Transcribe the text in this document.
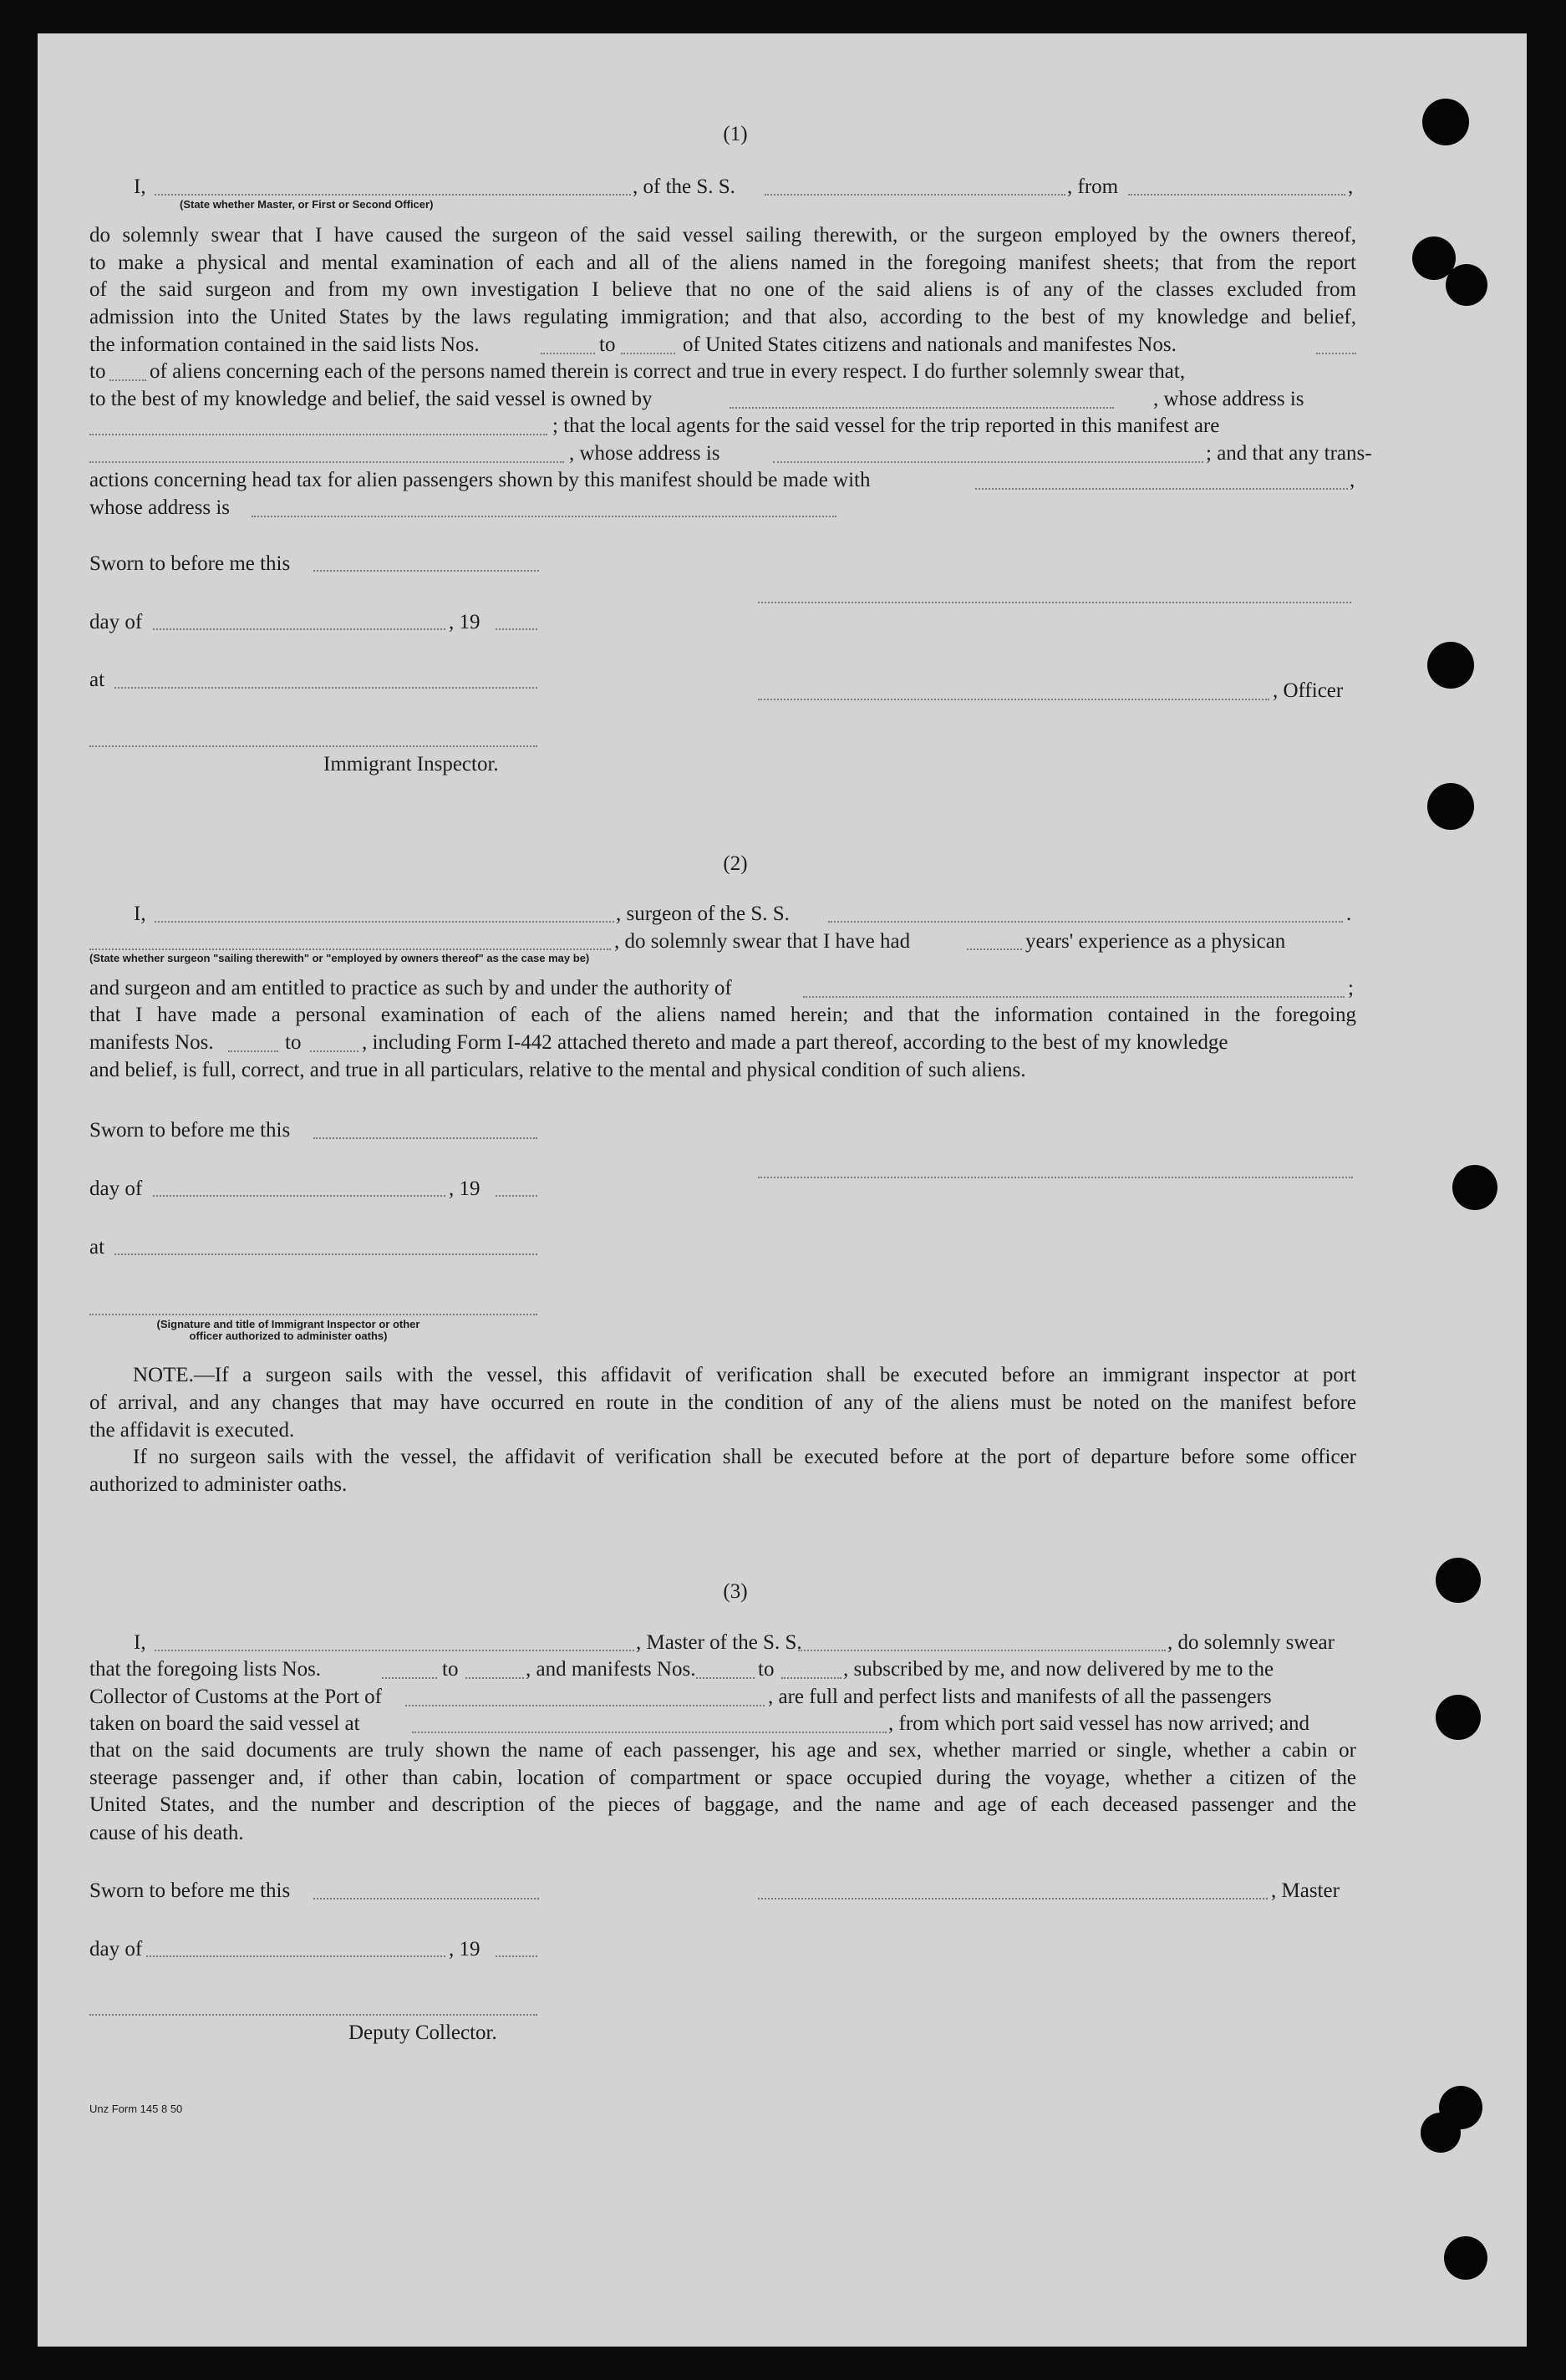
(1)
I,	, of the S. S.	, from	,
(State whether Master, or First or Second Officer)
do solemnly swear that I have caused the surgeon of the said vessel sailing therewith, or the surgeon employed by the owners thereof,
to make a physical and mental examination of each and all of the aliens named in the foregoing manifest sheets; that from the report
of the said surgeon and from my own investigation I believe that no one of the said aliens is of any of the classes excluded from
admission into the United States by the laws regulating immigration; and that also, according to the best of my knowledge and belief,
the information contained in the said lists Nos.	to	of United States citizens and nationals and manifestes Nos.
to of aliens concerning each of the persons named therein is correct and true in every respect. I do further solemnly swear that,
to the best of my knowledge and belief, the said vessel is owned by	, whose address is
; that the local agents for the said vessel for the trip reported in this manifest are
, whose address is	; and that any trans-
actions concerning head tax for alien passengers shown by this manifest should be made with	,
whose address is
Sworn to before me this
day of	, 19
at	, Officer
Immigrant Inspector.
(2)
I,	, surgeon of the S. S.	.
, do solemnly swear that I have had	years' experience as a physican
(State whether surgeon "sailing therewith" or "employed by owners thereof" as the case may be)
and surgeon and am entitled to practice as such by and under the authority of	;
that I have made a personal examination of each of the aliens named herein; and that the information contained in the foregoing
manifests Nos.	to	, including Form I-442 attached thereto and made a part thereof, according to the best of my knowledge
and belief, is full, correct, and true in all particulars, relative to the mental and physical condition of such aliens.
Sworn to before me this
day of	, 19
at
(Signature and title of Immigrant Inspector or other
officer authorized to administer oaths)
NOTE.—If a surgeon sails with the vessel, this affidavit of verification shall be executed before an immigrant inspector at port
of arrival, and any changes that may have occurred en route in the condition of any of the aliens must be noted on the manifest before
the affidavit is executed.
If no surgeon sails with the vessel, the affidavit of verification shall be executed before at the port of departure before some officer
authorized to administer oaths.
(3)
I,	, Master of the S. S.	, do solemnly swear
that the foregoing lists Nos.	to	, and manifests Nos.	to	, subscribed by me, and now delivered by me to the
Collector of Customs at the Port of	, are full and perfect lists and manifests of all the passengers
taken on board the said vessel at	, from which port said vessel has now arrived; and
that on the said documents are truly shown the name of each passenger, his age and sex, whether married or single, whether a cabin or
steerage passenger and, if other than cabin, location of compartment or space occupied during the voyage, whether a citizen of the
United States, and the number and description of the pieces of baggage, and the name and age of each deceased passenger and the
cause of his death.
Sworn to before me this	, Master
day of	, 19
Deputy Collector.
Unz Form 145 8 50
